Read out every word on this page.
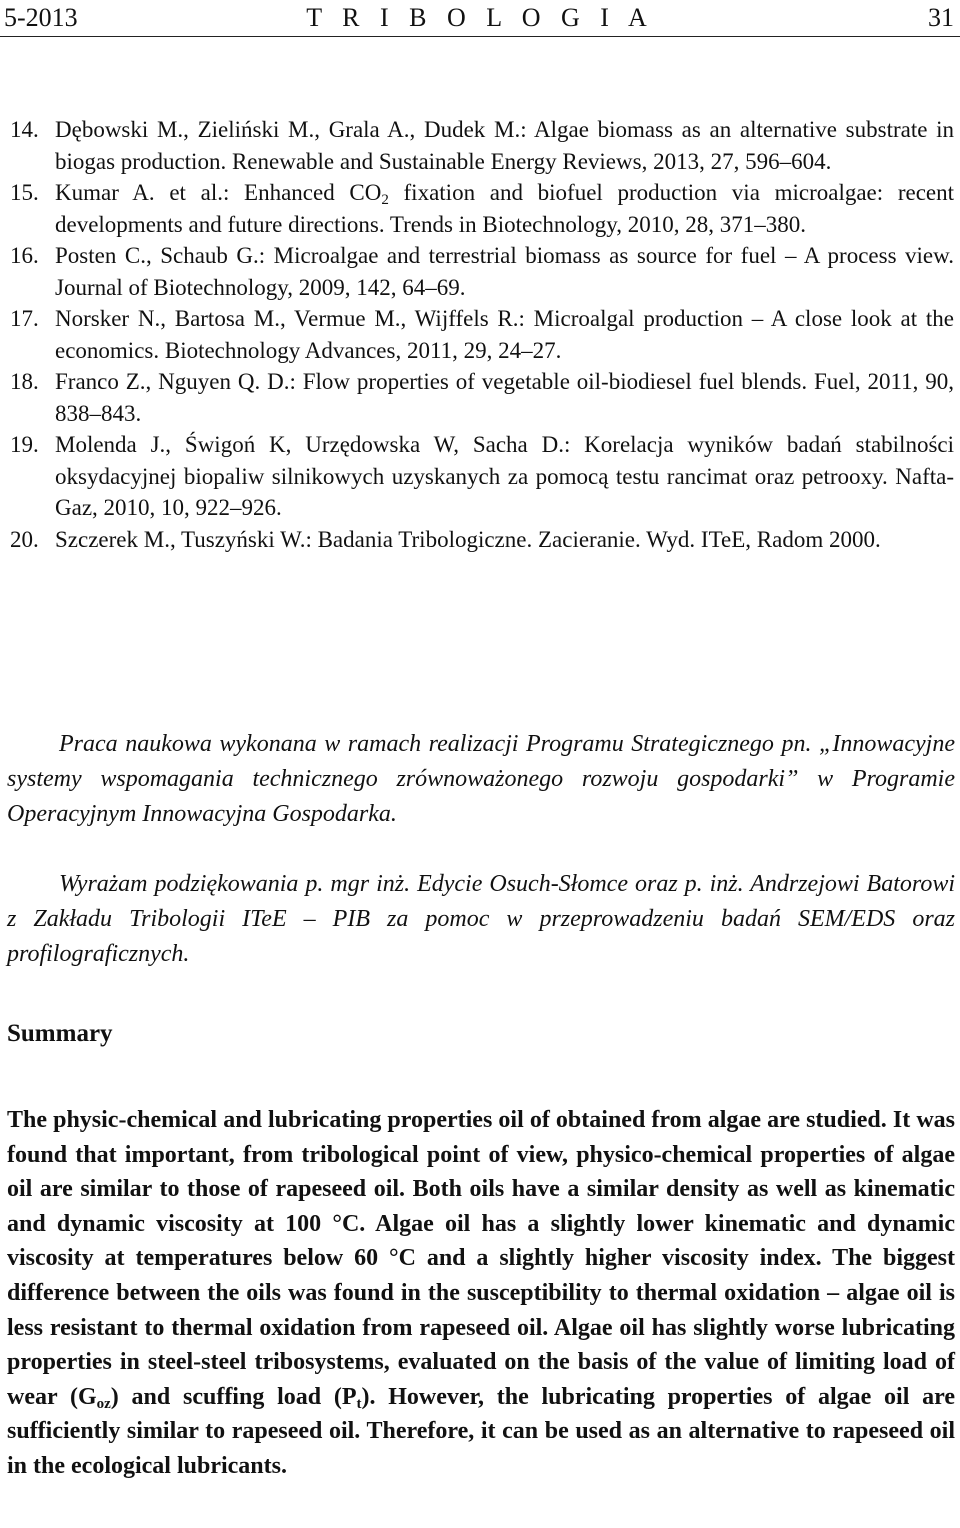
5-2013	T R I B O L O G I A	31
14. Dębowski M., Zieliński M., Grala A., Dudek M.: Algae biomass as an alternative substrate in biogas production. Renewable and Sustainable Energy Reviews, 2013, 27, 596–604.
15. Kumar A. et al.: Enhanced $CO_2$ fixation and biofuel production via microalgae: recent developments and future directions. Trends in Biotechnology, 2010, 28, 371–380.
16. Posten C., Schaub G.: Microalgae and terrestrial biomass as source for fuel – A process view. Journal of Biotechnology, 2009, 142, 64–69.
17. Norsker N., Bartosa M., Vermue M., Wijffels R.: Microalgal production – A close look at the economics. Biotechnology Advances, 2011, 29, 24–27.
18. Franco Z., Nguyen Q. D.: Flow properties of vegetable oil-biodiesel fuel blends. Fuel, 2011, 90, 838–843.
19. Molenda J., Świgoń K, Urzędowska W, Sacha D.: Korelacja wyników badań stabilności oksydacyjnej biopaliw silnikowych uzyskanych za pomocą testu rancimat oraz petrooxy. Nafta-Gaz, 2010, 10, 922–926.
20. Szczerek M., Tuszyński W.: Badania Tribologiczne. Zacieranie. Wyd. ITeE, Radom 2000.

Praca naukowa wykonana w ramach realizacji Programu Strategicznego pn. „Innowacyjne systemy wspomagania technicznego zrównoważonego rozwoju gospodarki” w Programie Operacyjnym Innowacyjna Gospodarka.

Wyrażam podziękowania p. mgr inż. Edycie Osuch-Słomce oraz p. inż. Andrzejowi Batorowi z Zakładu Tribologii ITeE – PIB za pomoc w przeprowadzeniu badań SEM/EDS oraz profilograficznych.

Summary

The physic-chemical and lubricating properties oil of obtained from algae are studied. It was found that important, from tribological point of view, physico-chemical properties of algae oil are similar to those of rapeseed oil. Both oils have a similar density as well as kinematic and dynamic viscosity at 100 °C. Algae oil has a slightly lower kinematic and dynamic viscosity at temperatures below 60 °C and a slightly higher viscosity index. The biggest difference between the oils was found in the susceptibility to thermal oxidation – algae oil is less resistant to thermal oxidation from rapeseed oil. Algae oil has slightly worse lubricating properties in steel-steel tribosystems, evaluated on the basis of the value of limiting load of wear $(G_{oz})$ and scuffing load $(P_t)$. However, the lubricating properties of algae oil are sufficiently similar to rapeseed oil. Therefore, it can be used as an alternative to rapeseed oil in the ecological lubricants.
